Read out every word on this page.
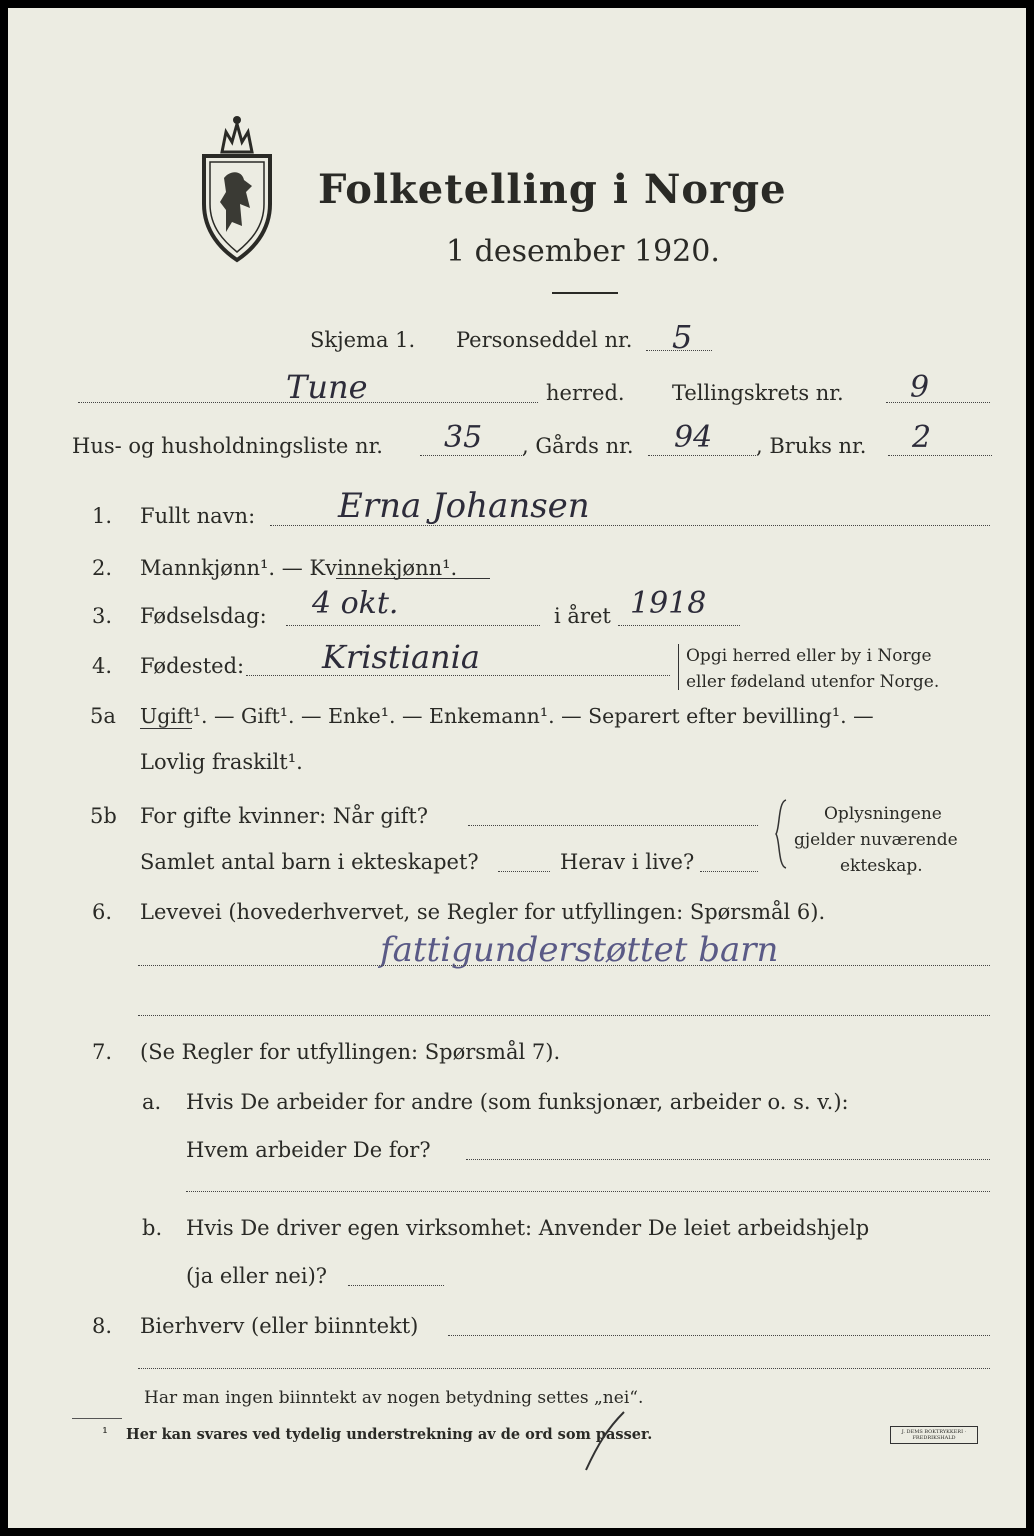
Folketelling i Norge
1 desember 1920.
Skjema 1. Personseddel nr. 5
Tune	herred. Tellingskrets nr. 9
Hus- og husholdningsliste nr. 35 , Gårds nr. 94 , Bruks nr. 2
1. Fullt navn: Erna Johansen
2. Mannkjønn¹. — Kvinnekjønn¹.
3. Fødselsdag: 4 okt.	i året 1918
4. Fødested: Kristiania	Opgi herred eller by i Norge
eller fødeland utenfor Norge.
5a Ugift¹. — Gift¹. — Enke¹. — Enkemann¹. — Separert efter bevilling¹. —
Lovlig fraskilt¹.
5b For gifte kvinner: Når gift?
Samlet antal barn i ekteskapet?	Herav i live?
Oplysningene
gjelder nuværende
ekteskap.
6. Levevei (hovederhvervet, se Regler for utfyllingen: Spørsmål 6).
fattigunderstøttet barn
7. (Se Regler for utfyllingen: Spørsmål 7).
a. Hvis De arbeider for andre (som funksjonær, arbeider o. s. v.):
Hvem arbeider De for?
b. Hvis De driver egen virksomhet: Anvender De leiet arbeidshjelp
(ja eller nei)?
8. Bierhverv (eller biinntekt)
Har man ingen biinntekt av nogen betydning settes „nei“.
¹ Her kan svares ved tydelig understrekning av de ord som passer.	J. DEMS BOKTRYKKERI · FREDRIKSHALD
